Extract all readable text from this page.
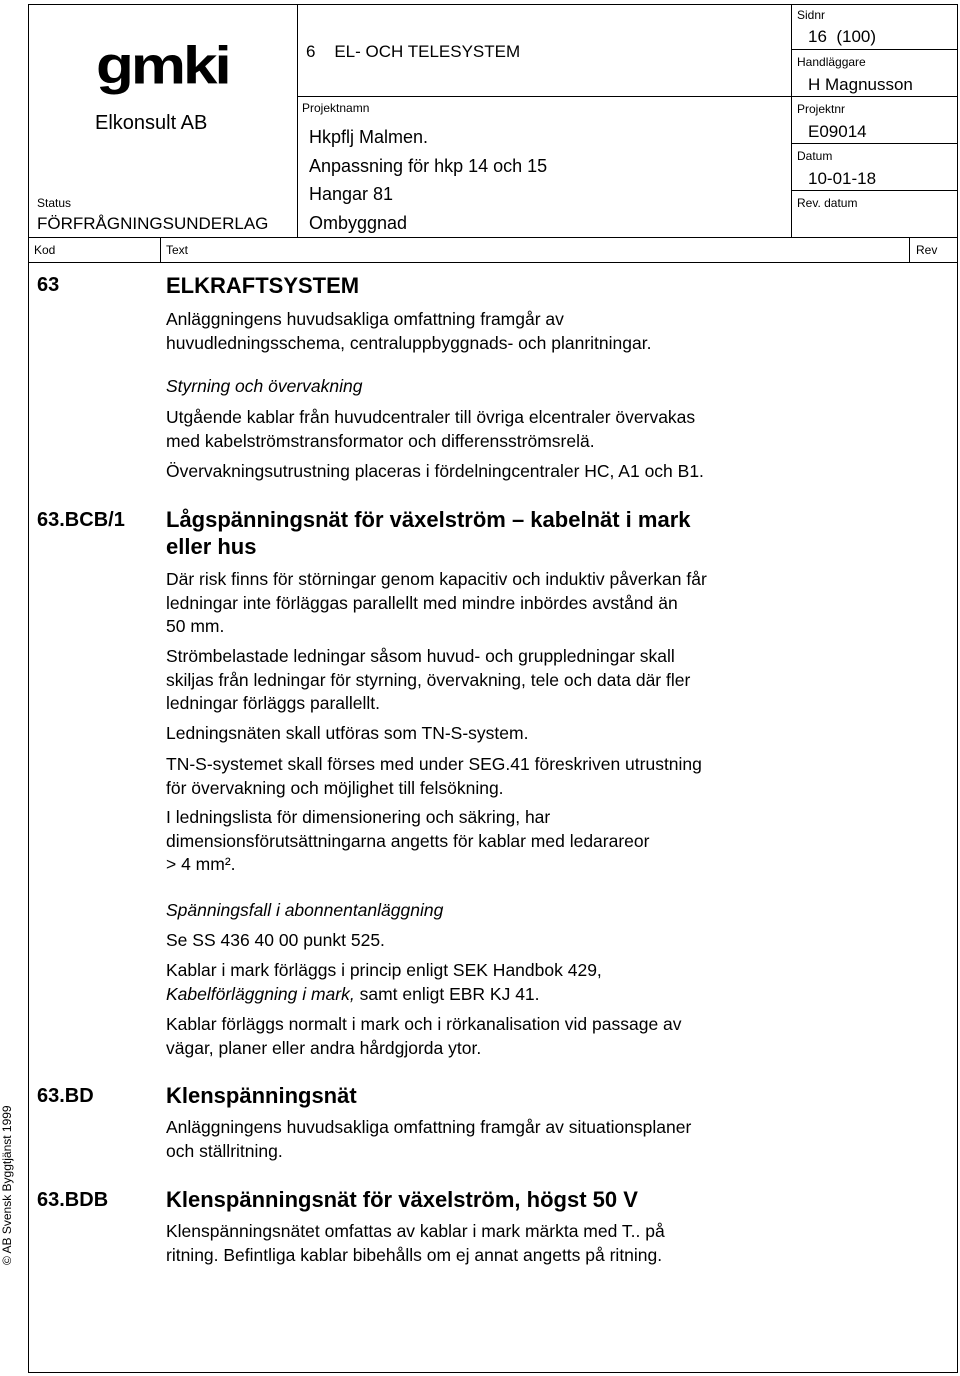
gmki
Elkonsult AB
Status
FÖRFRÅGNINGSUNDERLAG
6    EL- OCH TELESYSTEM
Projektnamn
Hkpflj Malmen.
Anpassning för hkp 14 och 15
Hangar 81
Ombyggnad
Sidnr
16  (100)
Handläggare
H Magnusson
Projektnr
E09014
Datum
10-01-18
Rev. datum
Kod	Text	Rev
63	ELKRAFTSYSTEM

Anläggningens huvudsakliga omfattning framgår av

huvudledningsschema, centraluppbyggnads- och planritningar.

Styrning och övervakning

Utgående kablar från huvudcentraler till övriga elcentraler övervakas

med kabelströmstransformator och differensströmsrelä.

Övervakningsutrustning placeras i fördelningcentraler HC, A1 och B1.
63.BCB/1 Lågspänningsnät för växelström – kabelnät i mark
eller hus

Där risk finns för störningar genom kapacitiv och induktiv påverkan får

ledningar inte förläggas parallellt med mindre inbördes avstånd än

50 mm.

Strömbelastade ledningar såsom huvud- och gruppledningar skall

skiljas från ledningar för styrning, övervakning, tele och data där fler

ledningar förläggs parallellt.

Ledningsnäten skall utföras som TN-S-system.

TN-S-systemet skall förses med under SEG.41 föreskriven utrustning

för övervakning och möjlighet till felsökning.

I ledningslista för dimensionering och säkring, har

dimensionsförutsättningarna angetts för kablar med ledarareor

> 4 mm².

Spänningsfall i abonnentanläggning
Se SS 436 40 00 punkt 525.

Kablar i mark förläggs i princip enligt SEK Handbok 429,

Kabelförläggning i mark, samt enligt EBR KJ 41.

Kablar förläggs normalt i mark och i rörkanalisation vid passage av

vägar, planer eller andra hårdgjorda ytor.

63.BD	Klenspänningsnät

Anläggningens huvudsakliga omfattning framgår av situationsplaner

och ställritning.

63.BDB	Klenspänningsnät för växelström, högst 50 V

Klenspänningsnätet omfattas av kablar i mark märkta med T.. på

ritning. Befintliga kablar bibehålls om ej annat angetts på ritning.

© AB Svensk Byggtjänst 1999
